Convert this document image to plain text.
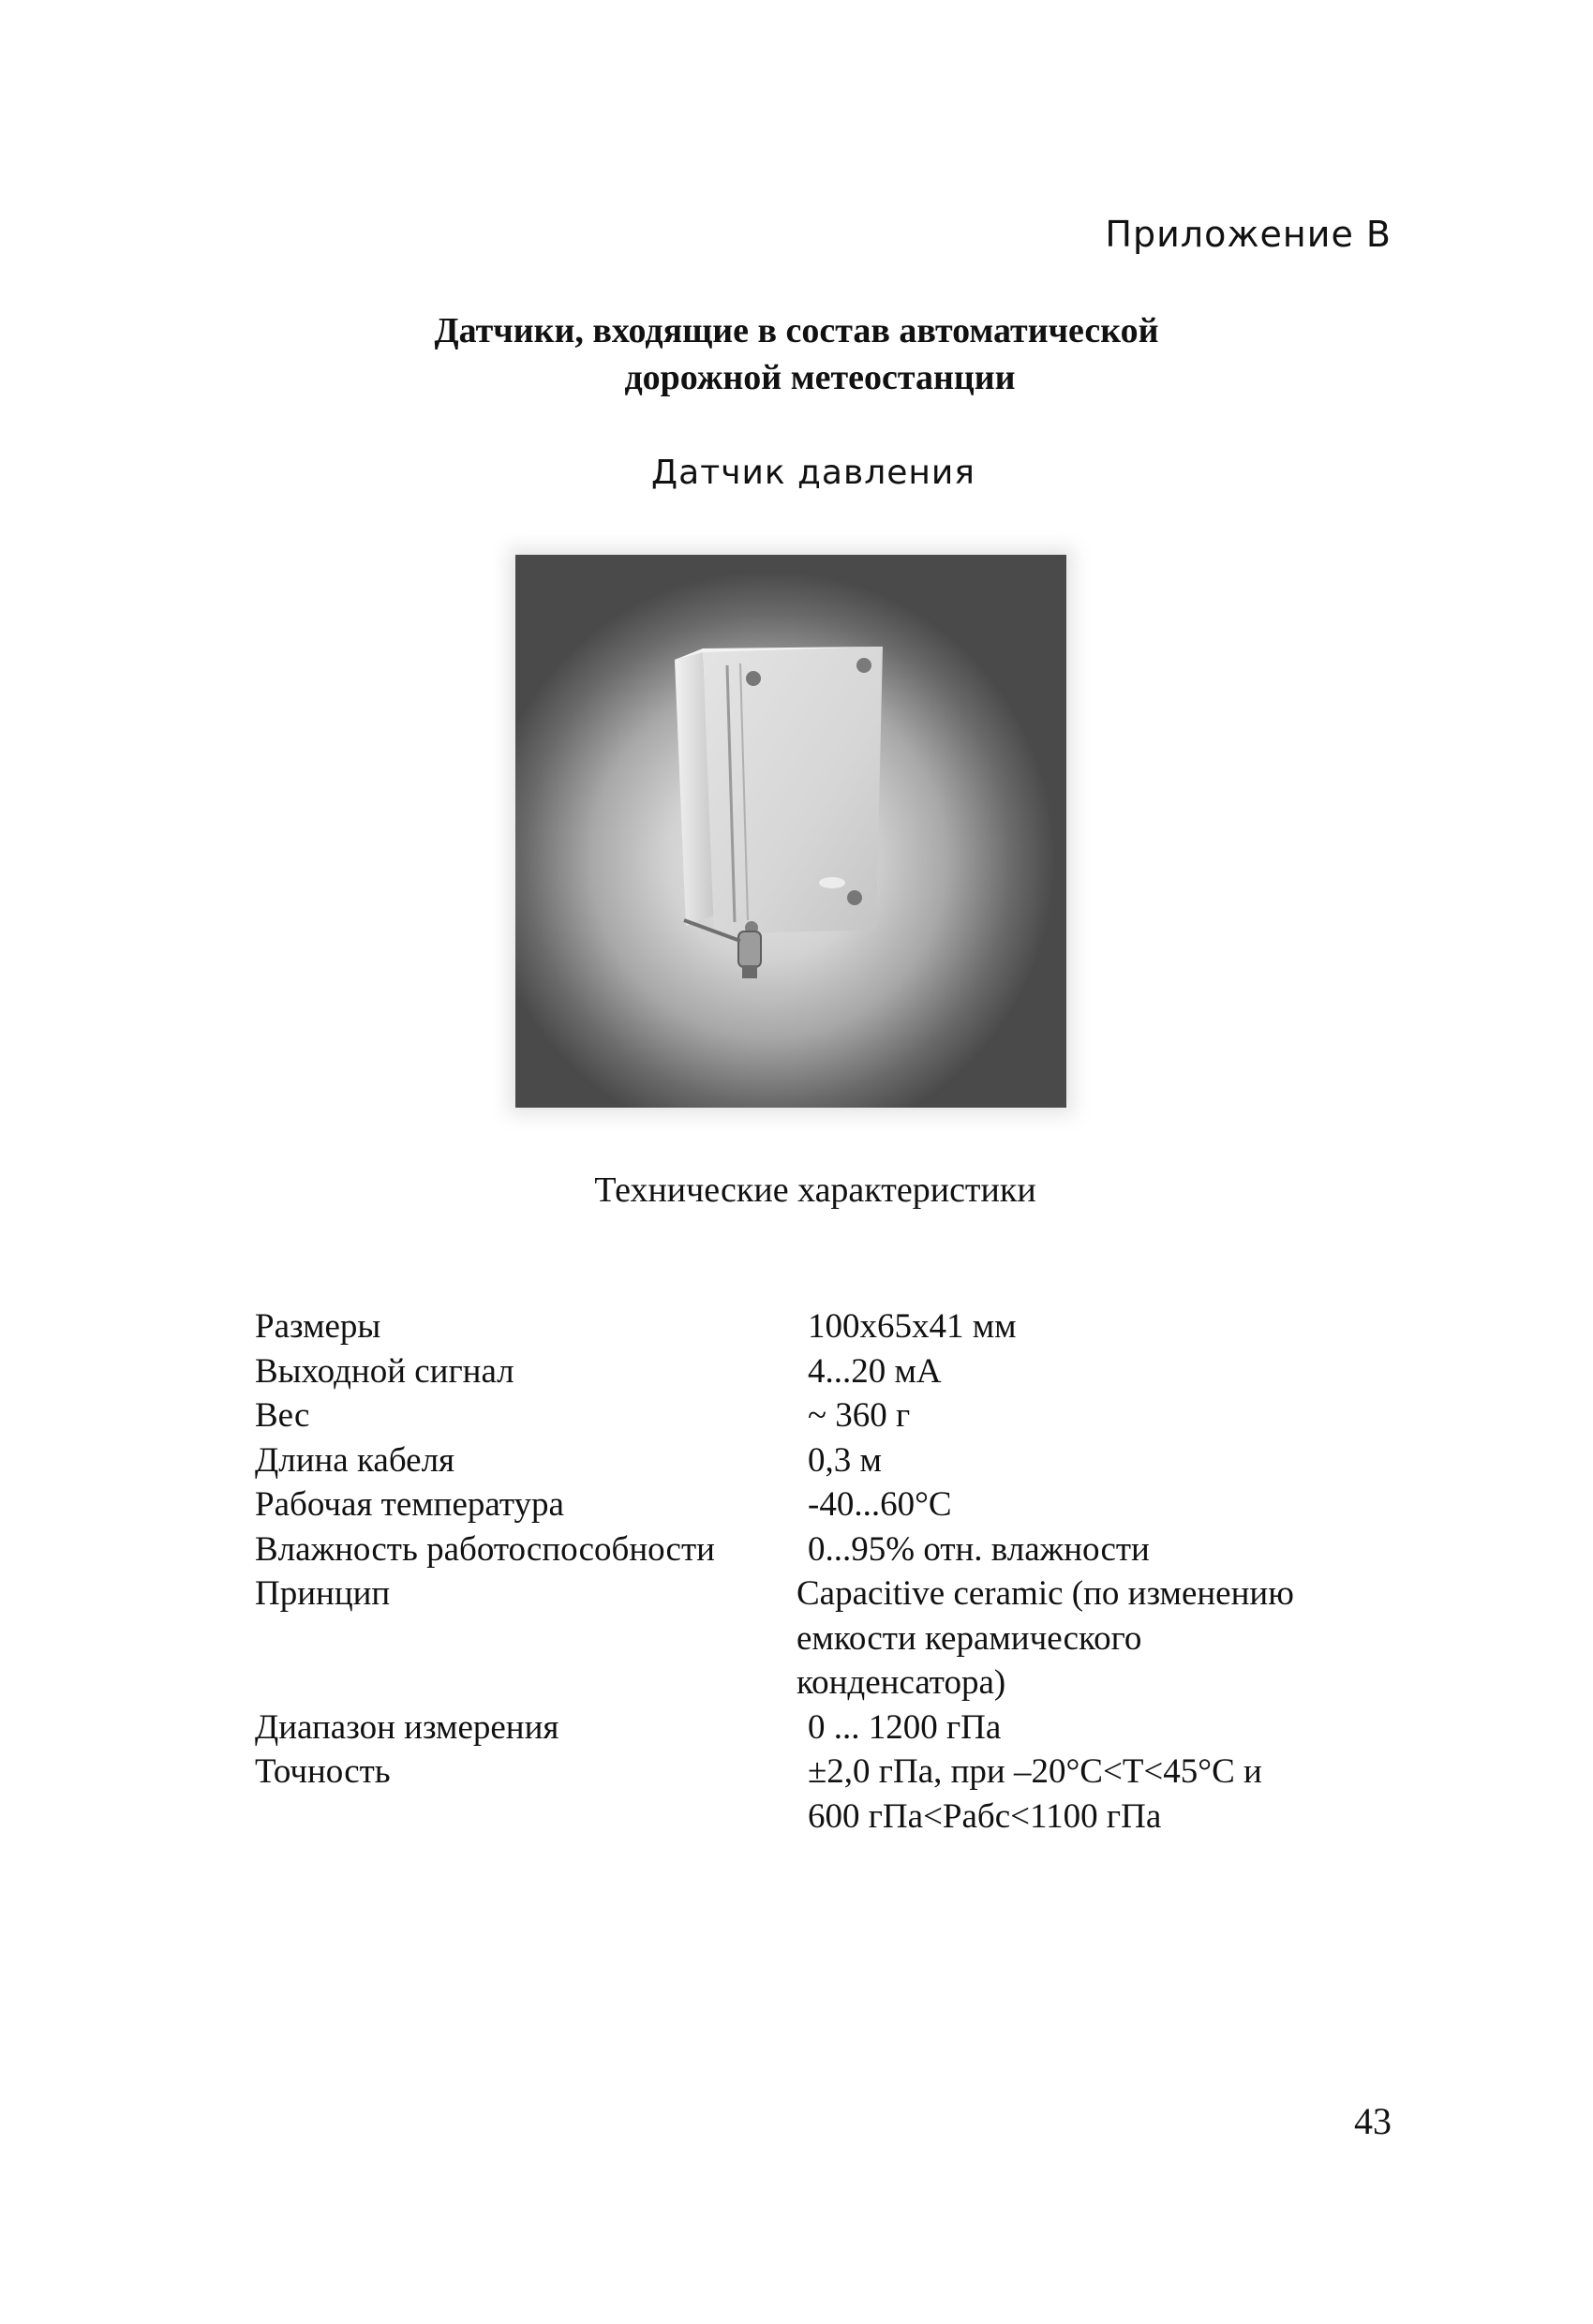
Приложение В
Датчики, входящие в состав автоматической
дорожной метеостанции
Датчик давления
Технические характеристики
Размеры	100x65x41 мм

Выходной сигнал	4...20 мА

Вес	~ 360 г

Длина кабеля	0,3 м

Рабочая температура	-40...60°C

Влажность работоспособности	0...95% отн. влажности

Принцип	Capacitive ceramic (по изменению
емкости керамического
конденсатора)

Диапазон измерения	0 ... 1200 гПа

Точность	±2,0 гПа, при –20°C<T<45°C и
600 гПа<Рабс<1100 гПа
43
